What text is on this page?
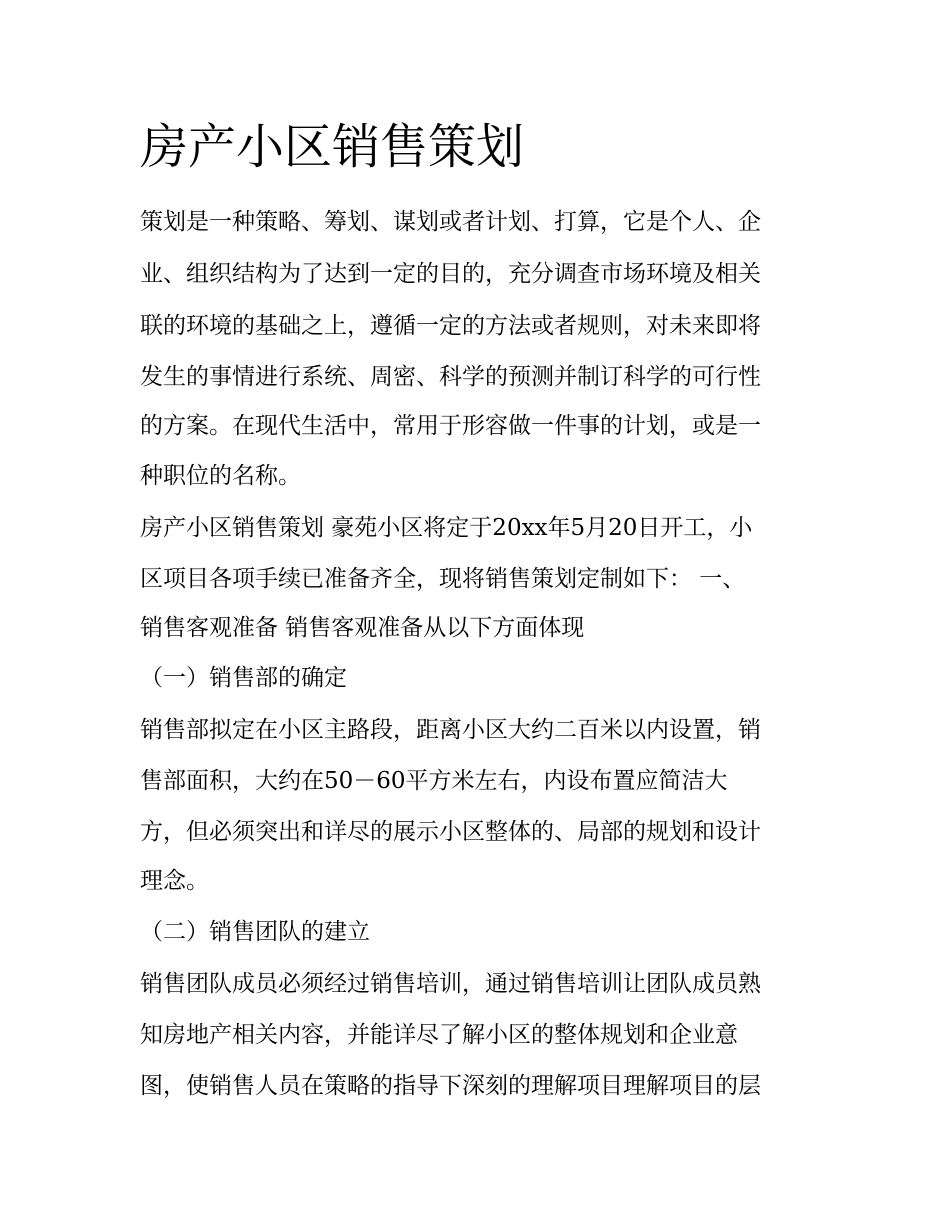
房产小区销售策划

策划是一种策略、筹划、谋划或者计划、打算，它是个人、企

业、组织结构为了达到一定的目的，充分调查市场环境及相关

联的环境的基础之上，遵循一定的方法或者规则，对未来即将

发生的事情进行系统、周密、科学的预测并制订科学的可行性

的方案。在现代生活中，常用于形容做一件事的计划，或是一

种职位的名称。

房产小区销售策划 豪苑小区将定于20xx年5月20日开工，小

区项目各项手续已准备齐全，现将销售策划定制如下： 一、

销售客观准备 销售客观准备从以下方面体现

（一）销售部的确定

销售部拟定在小区主路段，距离小区大约二百米以内设置，销

售部面积，大约在50－60平方米左右，内设布置应简洁大

方，但必须突出和详尽的展示小区整体的、局部的规划和设计

理念。

（二）销售团队的建立

销售团队成员必须经过销售培训，通过销售培训让团队成员熟

知房地产相关内容，并能详尽了解小区的整体规划和企业意

图，使销售人员在策略的指导下深刻的理解项目理解项目的层
